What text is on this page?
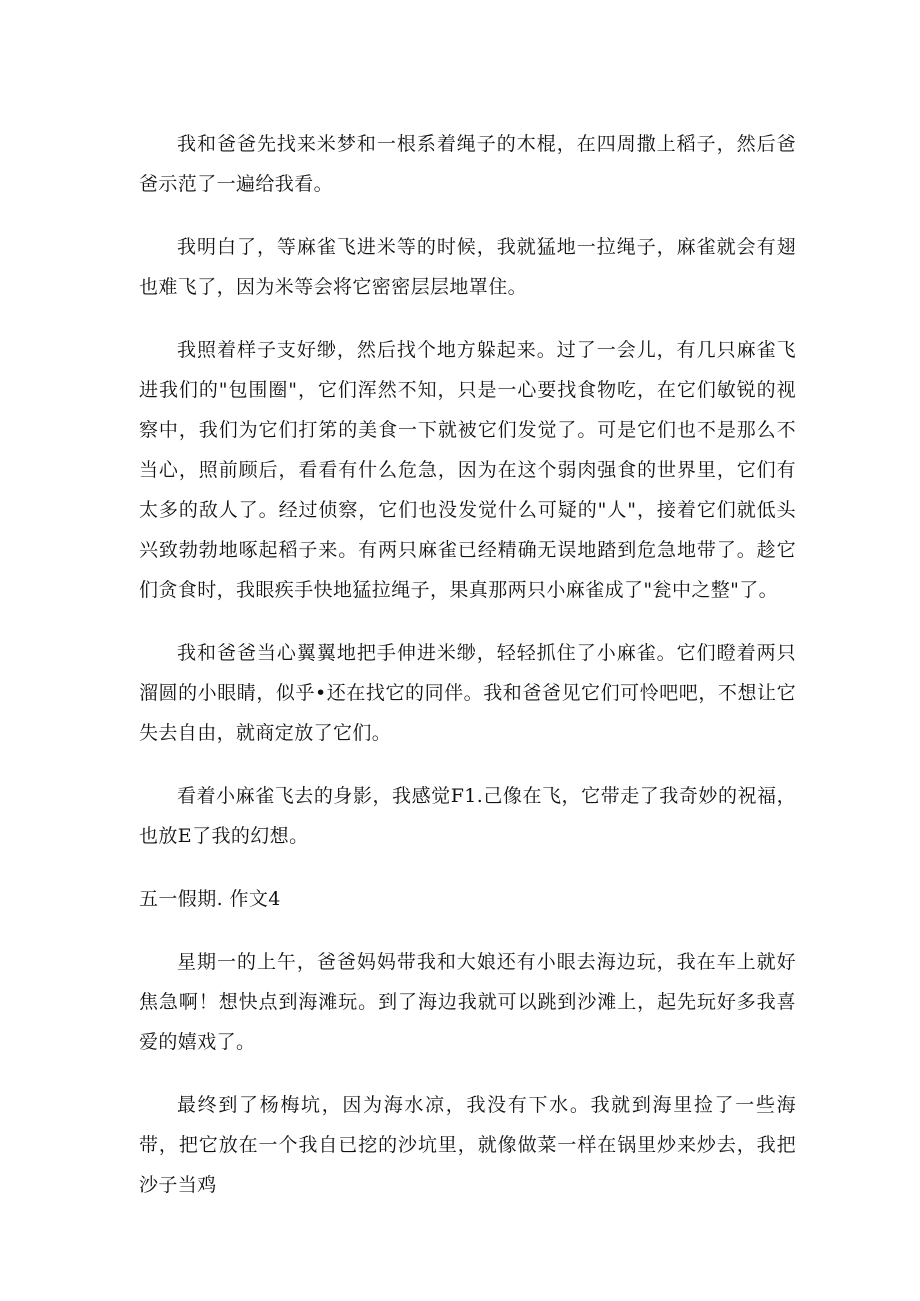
我和爸爸先找来米梦和一根系着绳子的木棍，在四周撒上稻子，然后爸爸示范了一遍给我看。

我明白了，等麻雀飞进米等的时候，我就猛地一拉绳子，麻雀就会有翅也难飞了，因为米等会将它密密层层地罩住。

我照着样子支好缈，然后找个地方躲起来。过了一会儿，有几只麻雀飞进我们的"包围圈"，它们浑然不知，只是一心要找食物吃，在它们敏锐的视察中，我们为它们打笫的美食一下就被它们发觉了。可是它们也不是那么不当心，照前顾后，看看有什么危急，因为在这个弱肉强食的世界里，它们有太多的敌人了。经过侦察，它们也没发觉什么可疑的"人"，接着它们就低头兴致勃勃地啄起稻子来。有两只麻雀已经精确无误地踏到危急地带了。趁它们贪食时，我眼疾手快地猛拉绳子，果真那两只小麻雀成了"瓮中之整"了。

我和爸爸当心翼翼地把手伸进米缈，轻轻抓住了小麻雀。它们瞪着两只溜圆的小眼睛，似乎•还在找它的同伴。我和爸爸见它们可怜吧吧，不想让它失去自由，就商定放了它们。

看着小麻雀飞去的身影，我感觉F1.己像在飞，它带走了我奇妙的祝福，也放E了我的幻想。

五一假期. 作文4

星期一的上午，爸爸妈妈带我和大娘还有小眼去海边玩，我在车上就好焦急啊！想快点到海滩玩。到了海边我就可以跳到沙滩上，起先玩好多我喜爱的嬉戏了。

最终到了杨梅坑，因为海水凉，我没有下水。我就到海里捡了一些海带，把它放在一个我自已挖的沙坑里，就像做菜一样在锅里炒来炒去，我把沙子当鸡
